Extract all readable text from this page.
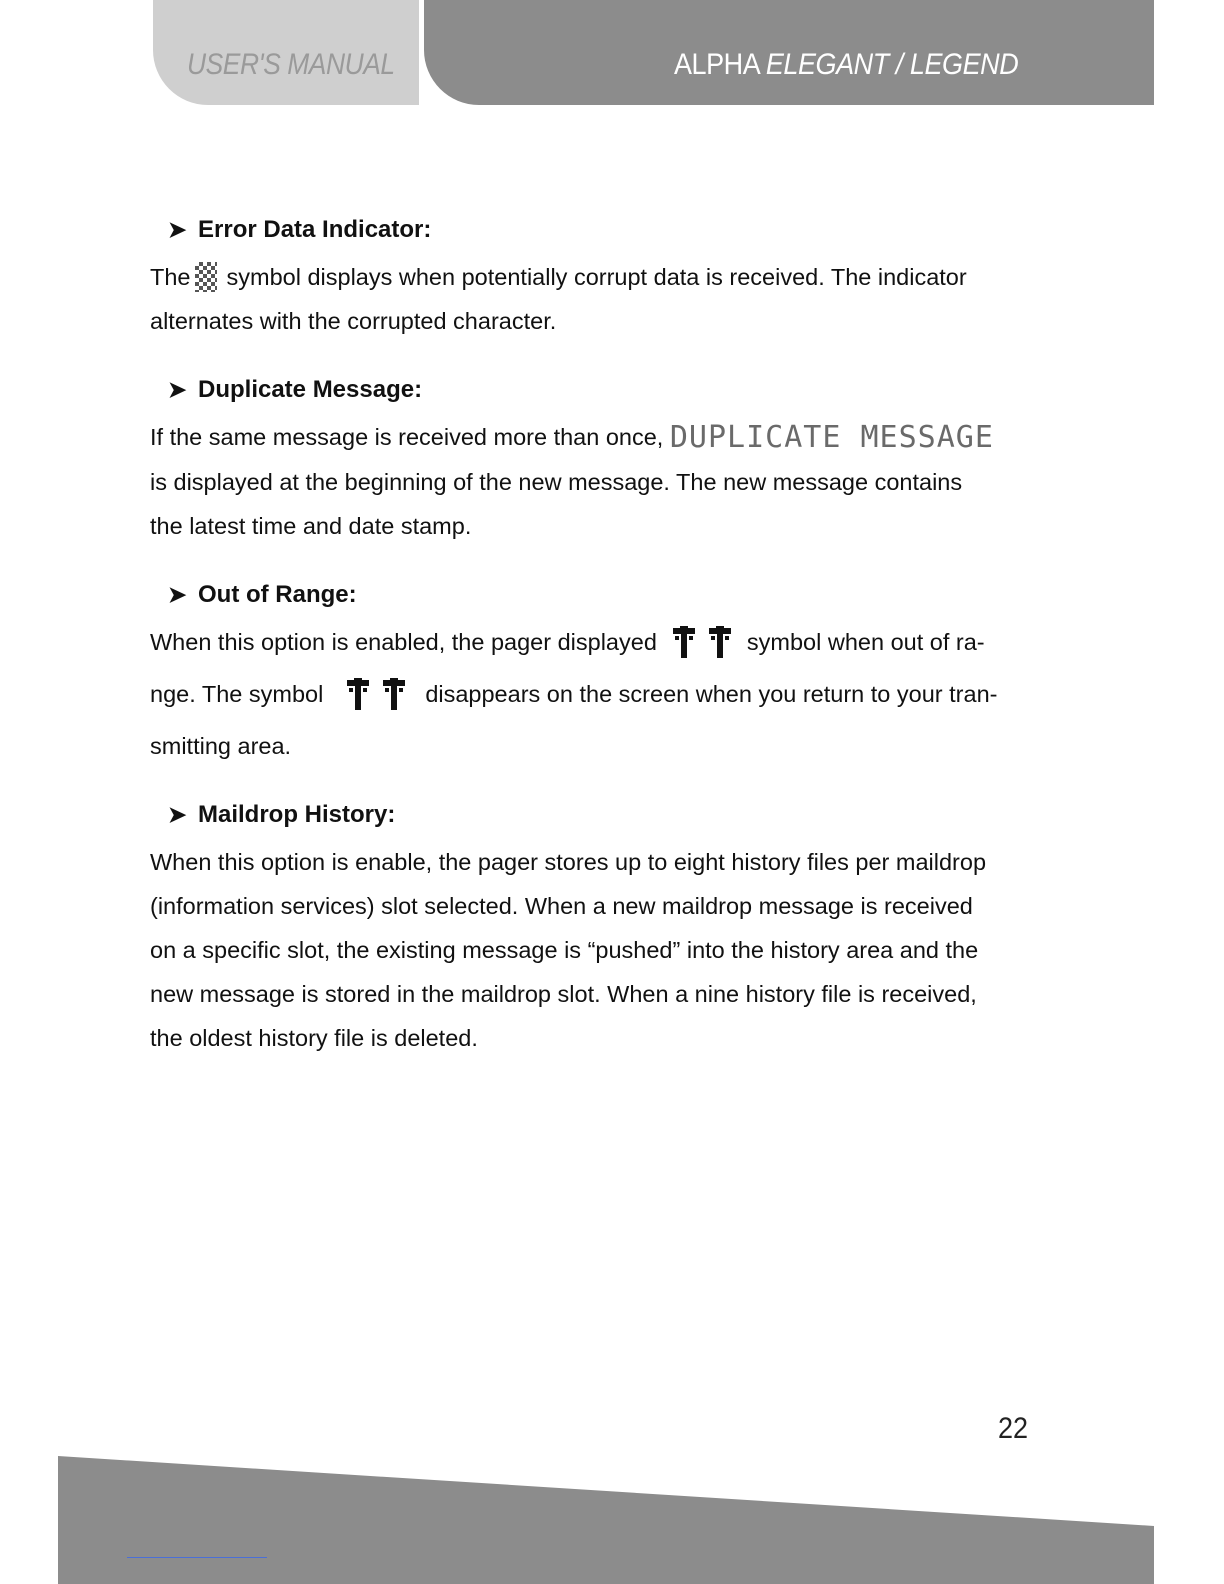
USER'S MANUAL	ALPHA ELEGANT / LEGEND
➤ Error Data Indicator:
The symbol displays when potentially corrupt data is received. The indicator
alternates with the corrupted character.
➤ Duplicate Message:
If the same message is received more than once, DUPLICATE MESSAGE
is displayed at the beginning of the new message. The new message contains
the latest time and date stamp.
➤ Out of Range:
When this option is enabled, the pager displayed	symbol when out of ra-
nge. The symbol	disappears on the screen when you return to your tran-
smitting area.
➤ Maildrop History:
When this option is enable, the pager stores up to eight history files per maildrop
(information services) slot selected. When a new maildrop message is received
on a specific slot, the existing message is “pushed” into the history area and the
new message is stored in the maildrop slot. When a nine history file is received,
the oldest history file is deleted.
22
